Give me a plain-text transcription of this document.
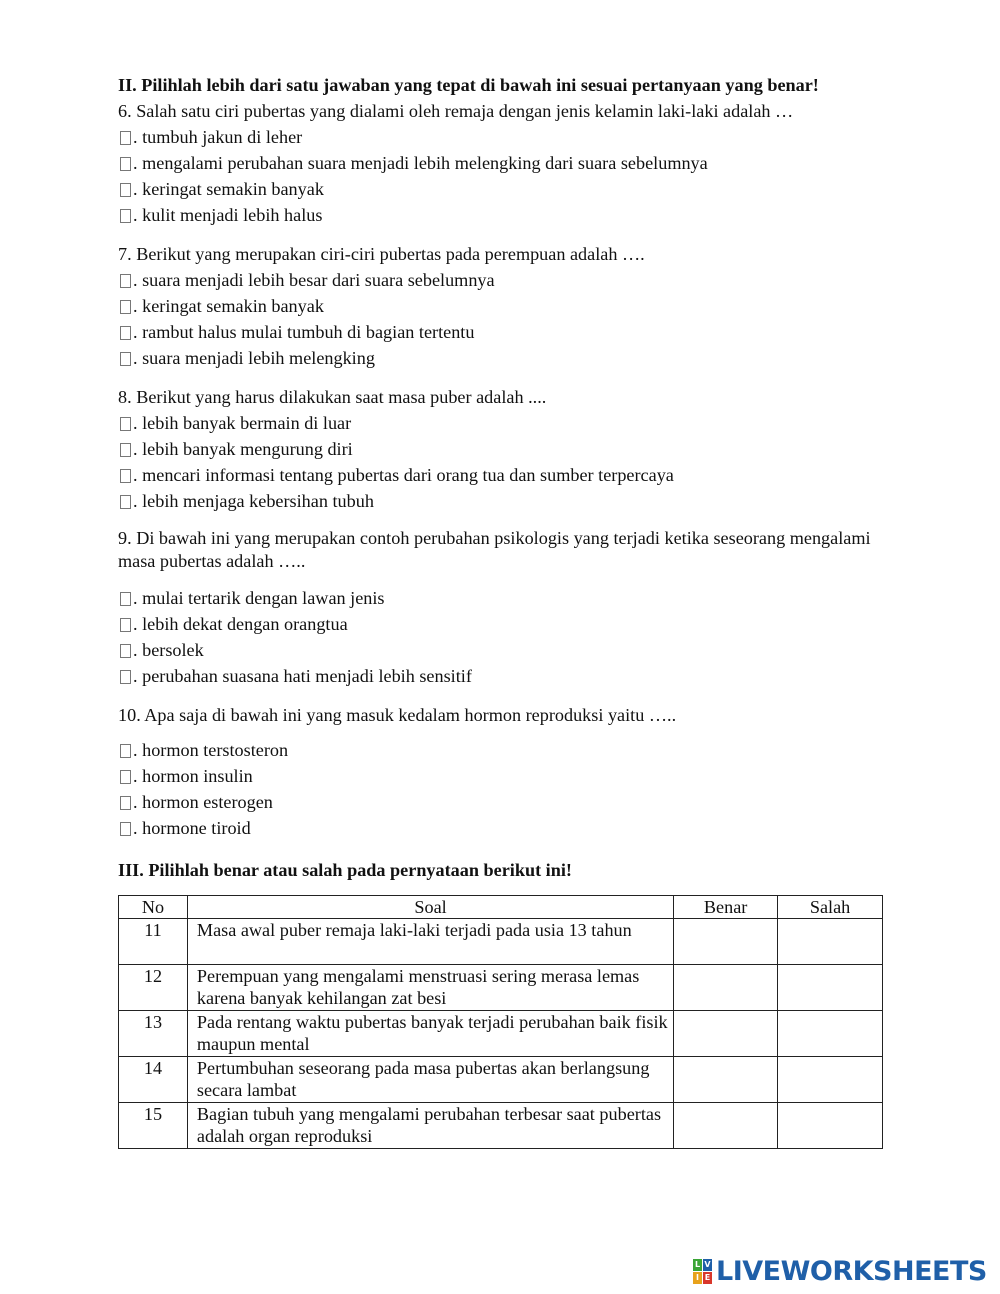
II. Pilihlah lebih dari satu jawaban yang tepat di bawah ini sesuai pertanyaan yang benar!

6. Salah satu ciri pubertas yang dialami oleh remaja dengan jenis kelamin laki-laki adalah …

. tumbuh jakun di leher
. mengalami perubahan suara menjadi lebih melengking dari suara sebelumnya
. keringat semakin banyak
. kulit menjadi lebih halus

7. Berikut yang merupakan ciri-ciri pubertas pada perempuan adalah ….

. suara menjadi lebih besar dari suara sebelumnya
. keringat semakin banyak
. rambut halus mulai tumbuh di bagian tertentu
. suara menjadi lebih melengking

8. Berikut yang harus dilakukan saat masa puber adalah ....

. lebih banyak bermain di luar
. lebih banyak mengurung diri
. mencari informasi tentang pubertas dari orang tua dan sumber terpercaya
. lebih menjaga kebersihan tubuh

9. Di bawah ini yang merupakan contoh perubahan psikologis yang terjadi ketika seseorang mengalami masa pubertas adalah …..

. mulai tertarik dengan lawan jenis
. lebih dekat dengan orangtua
. bersolek
. perubahan suasana hati menjadi lebih sensitif

10. Apa saja di bawah ini yang masuk kedalam hormon reproduksi yaitu …..

. hormon terstosteron
. hormon insulin
. hormon esterogen
. hormone tiroid

III. Pilihlah benar atau salah pada pernyataan berikut ini!

No	Soal	Benar	Salah
11	Masa awal puber remaja laki-laki terjadi pada usia 13 tahun		
12	Perempuan yang mengalami menstruasi sering merasa lemas karena banyak kehilangan zat besi		
13	Pada rentang waktu pubertas banyak terjadi perubahan baik fisik maupun mental		
14	Pertumbuhan seseorang pada masa pubertas akan berlangsung secara lambat		
15	Bagian tubuh yang mengalami perubahan terbesar saat pubertas adalah organ reproduksi		
L V
I E LIVEWORKSHEETS
